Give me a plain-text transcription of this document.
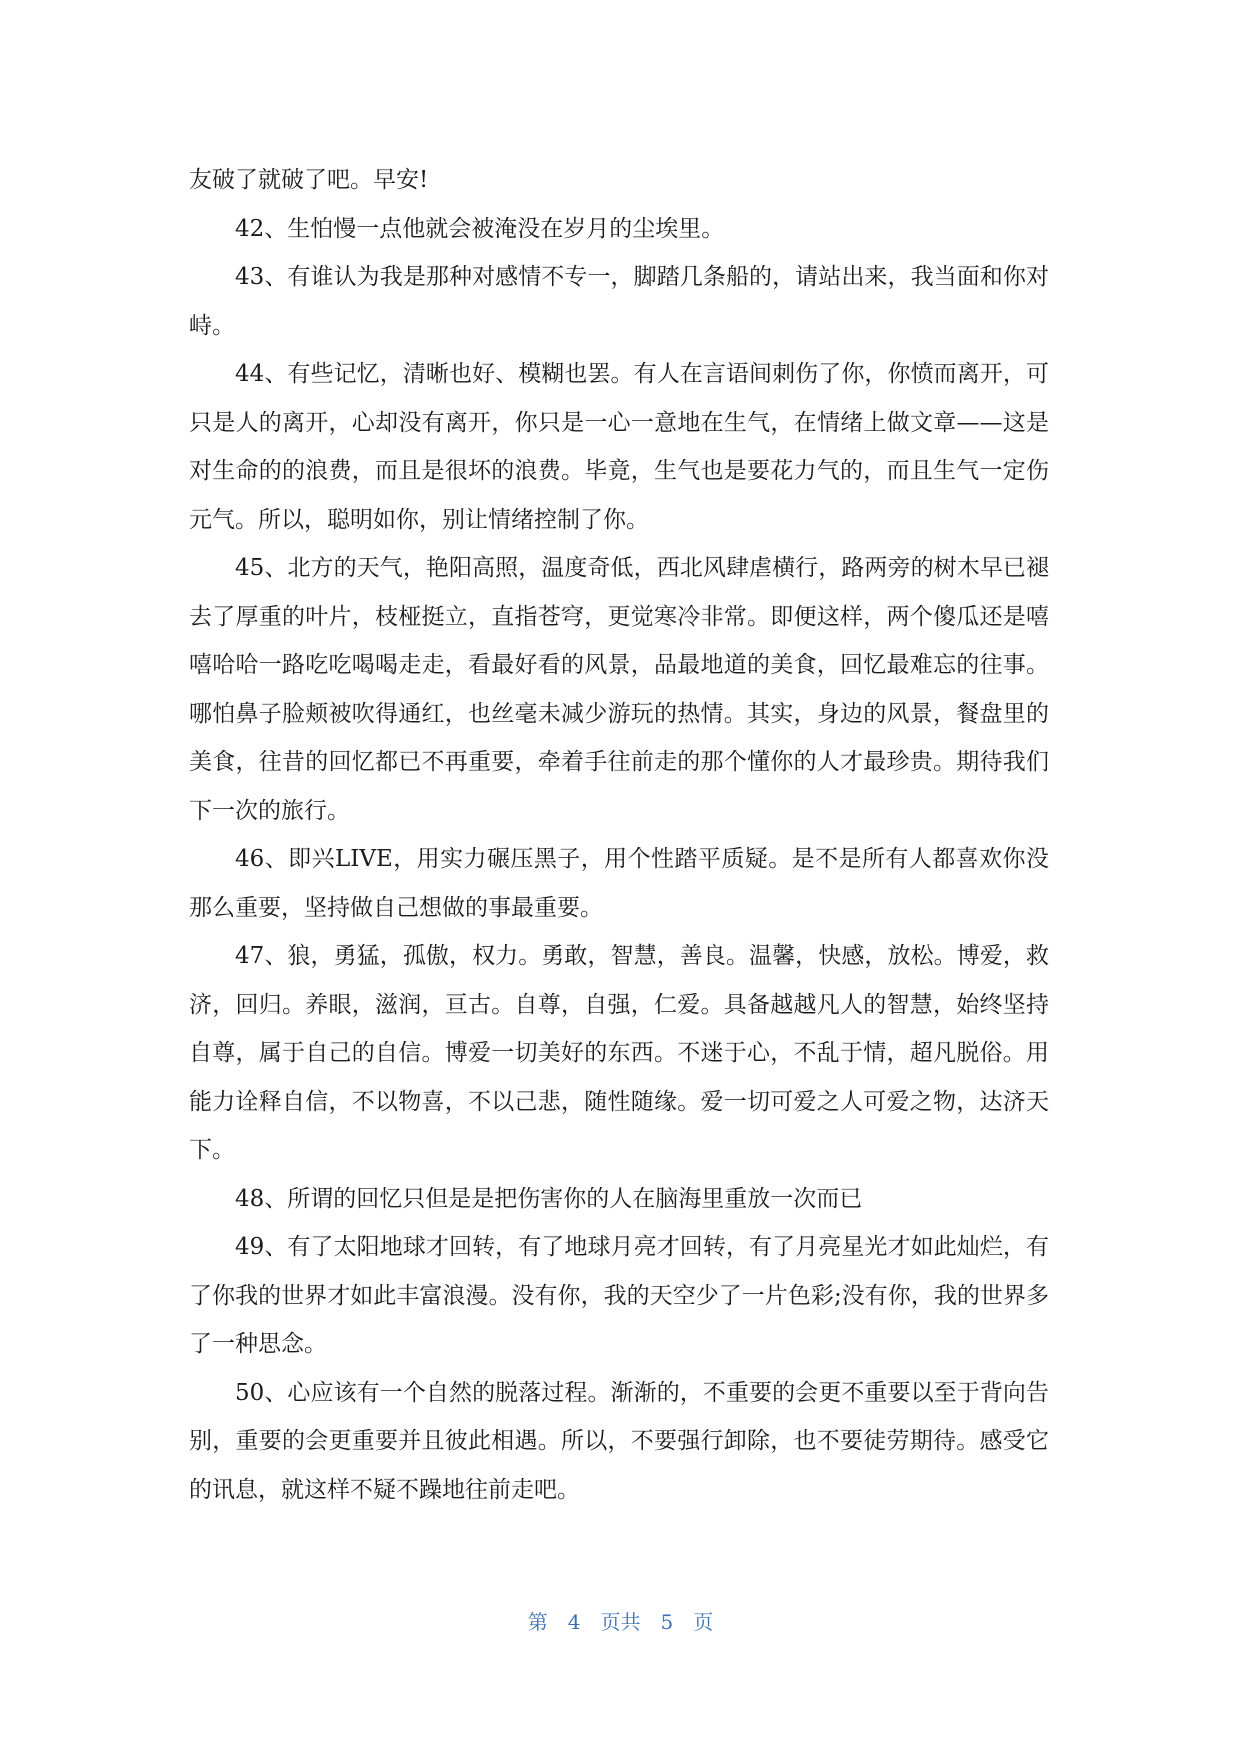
友破了就破了吧。早安!

42、生怕慢一点他就会被淹没在岁月的尘埃里。

43、有谁认为我是那种对感情不专一，脚踏几条船的，请站出来，我当面和你对峙。

44、有些记忆，清晰也好、模糊也罢。有人在言语间刺伤了你，你愤而离开，可只是人的离开，心却没有离开，你只是一心一意地在生气，在情绪上做文章——这是对生命的的浪费，而且是很坏的浪费。毕竟，生气也是要花力气的，而且生气一定伤元气。所以，聪明如你，别让情绪控制了你。

45、北方的天气，艳阳高照，温度奇低，西北风肆虐横行，路两旁的树木早已褪去了厚重的叶片，枝桠挺立，直指苍穹，更觉寒冷非常。即便这样，两个傻瓜还是嘻嘻哈哈一路吃吃喝喝走走，看最好看的风景，品最地道的美食，回忆最难忘的往事。哪怕鼻子脸颊被吹得通红，也丝毫未减少游玩的热情。其实，身边的风景，餐盘里的美食，往昔的回忆都已不再重要，牵着手往前走的那个懂你的人才最珍贵。期待我们下一次的旅行。

46、即兴LIVE，用实力碾压黑子，用个性踏平质疑。是不是所有人都喜欢你没那么重要，坚持做自己想做的事最重要。

47、狼，勇猛，孤傲，权力。勇敢，智慧，善良。温馨，快感，放松。博爱，救济，回归。养眼，滋润，亘古。自尊，自强，仁爱。具备越越凡人的智慧，始终坚持自尊，属于自己的自信。博爱一切美好的东西。不迷于心，不乱于情，超凡脱俗。用能力诠释自信，不以物喜，不以己悲，随性随缘。爱一切可爱之人可爱之物，达济天下。

48、所谓的回忆只但是是把伤害你的人在脑海里重放一次而已

49、有了太阳地球才回转，有了地球月亮才回转，有了月亮星光才如此灿烂，有了你我的世界才如此丰富浪漫。没有你，我的天空少了一片色彩;没有你，我的世界多了一种思念。

50、心应该有一个自然的脱落过程。渐渐的，不重要的会更不重要以至于背向告别，重要的会更重要并且彼此相遇。所以，不要强行卸除，也不要徒劳期待。感受它的讯息，就这样不疑不躁地往前走吧。

第 4 页共 5 页
